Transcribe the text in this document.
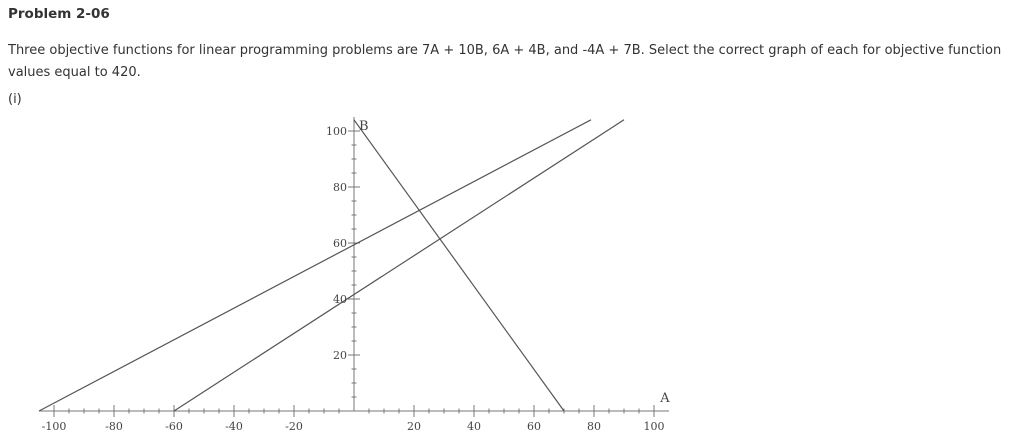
Problem 2-06
Three objective functions for linear programming problems are 7A + 10B, 6A + 4B, and -4A + 7B. Select the correct graph of each for objective function values equal to 420.
(i)
-100	-80	-60	-40	-20	20	40	60	80	100
20
40
60
80
100 B
A
